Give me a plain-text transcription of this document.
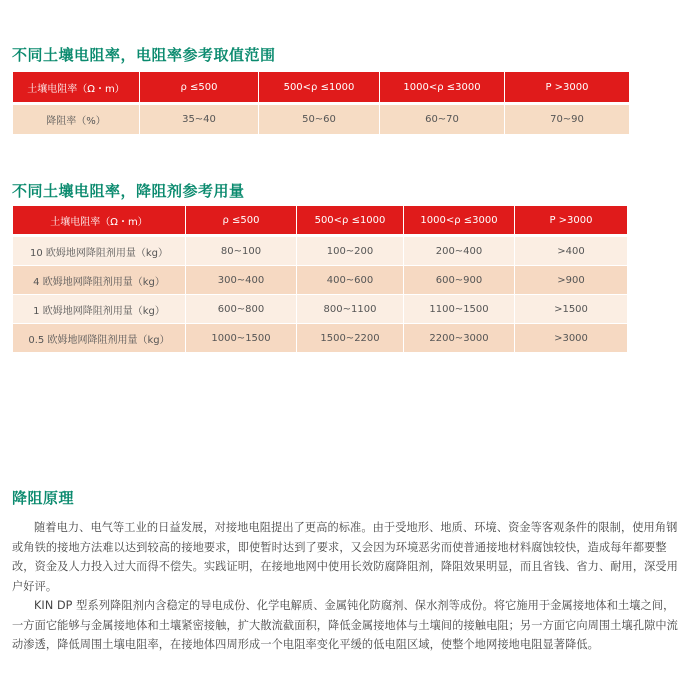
不同土壤电阻率，电阻率参考取值范围
土壤电阻率（Ω・m）	ρ ≤500	500<ρ ≤1000	1000<ρ ≤3000	P >3000
降阻率（%）	35~40	50~60	60~70	70~90
不同土壤电阻率，降阻剂参考用量
土壤电阻率（Ω・m）	ρ ≤500	500<ρ ≤1000	1000<ρ ≤3000	P >3000
10 欧姆地网降阻剂用量（kg）	80~100	100~200	200~400	>400
4 欧姆地网降阻剂用量（kg）	300~400	400~600	600~900	>900
1 欧姆地网降阻剂用量（kg）	600~800	800~1100	1100~1500	>1500
0.5 欧姆地网降阻剂用量（kg）	1000~1500	1500~2200	2200~3000	>3000
降阻原理

随着电力、电气等工业的日益发展，对接地电阻提出了更高的标准。由于受地形、地质、环境、资金等客观条件的限制，使用角钢或角铁的接地方法难以达到较高的接地要求，即使暂时达到了要求，又会因为环境恶劣而使普通接地材料腐蚀较快，造成每年都要整改，资金及人力投入过大而得不偿失。实践证明，在接地地网中使用长效防腐降阻剂，降阻效果明显，而且省钱、省力、耐用，深受用户好评。

KIN DP 型系列降阻剂内含稳定的导电成份、化学电解质、金属钝化防腐剂、保水剂等成份。将它施用于金属接地体和土壤之间，一方面它能够与金属接地体和土壤紧密接触，扩大散流截面积，降低金属接地体与土壤间的接触电阻；另一方面它向周围土壤孔隙中流动渗透，降低周围土壤电阻率，在接地体四周形成一个电阻率变化平缓的低电阻区域，使整个地网接地电阻显著降低。
